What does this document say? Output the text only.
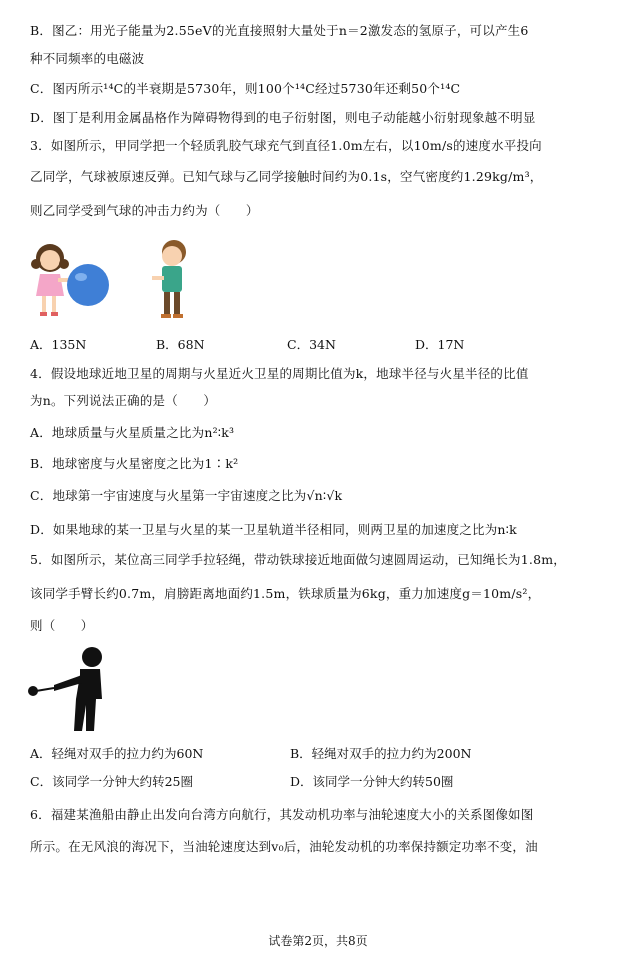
B．图乙：用光子能量为2.55eV的光直接照射大量处于n＝2激发态的氢原子，可以产生6
种不同频率的电磁波
C．图丙所示¹⁴C的半衰期是5730年，则100个¹⁴C经过5730年还剩50个¹⁴C
D．图丁是利用金属晶格作为障碍物得到的电子衍射图，则电子动能越小衍射现象越不明显
3．如图所示，甲同学把一个轻质乳胶气球充气到直径1.0m左右，以10m/s的速度水平投向
乙同学，气球被原速反弹。已知气球与乙同学接触时间约为0.1s，空气密度约1.29kg/m³，
则乙同学受到气球的冲击力约为（　　）
A．135N	B．68N	C．34N	D．17N
4．假设地球近地卫星的周期与火星近火卫星的周期比值为k，地球半径与火星半径的比值
为n。下列说法正确的是（　　）
A．地球质量与火星质量之比为n²∶k³
B．地球密度与火星密度之比为1∶k²
C．地球第一宇宙速度与火星第一宇宙速度之比为√n∶√k
D．如果地球的某一卫星与火星的某一卫星轨道半径相同，则两卫星的加速度之比为n∶k
5．如图所示，某位高三同学手拉轻绳，带动铁球接近地面做匀速圆周运动，已知绳长为1.8m，
该同学手臂长约0.7m，肩膀距离地面约1.5m，铁球质量为6kg，重力加速度g＝10m/s²，
则（　　）
A．轻绳对双手的拉力约为60N	B．轻绳对双手的拉力约为200N
C．该同学一分钟大约转25圈	D．该同学一分钟大约转50圈
6．福建某渔船由静止出发向台湾方向航行，其发动机功率与油轮速度大小的关系图像如图
所示。在无风浪的海况下，当油轮速度达到v₀后，油轮发动机的功率保持额定功率不变，油
试卷第2页，共8页
